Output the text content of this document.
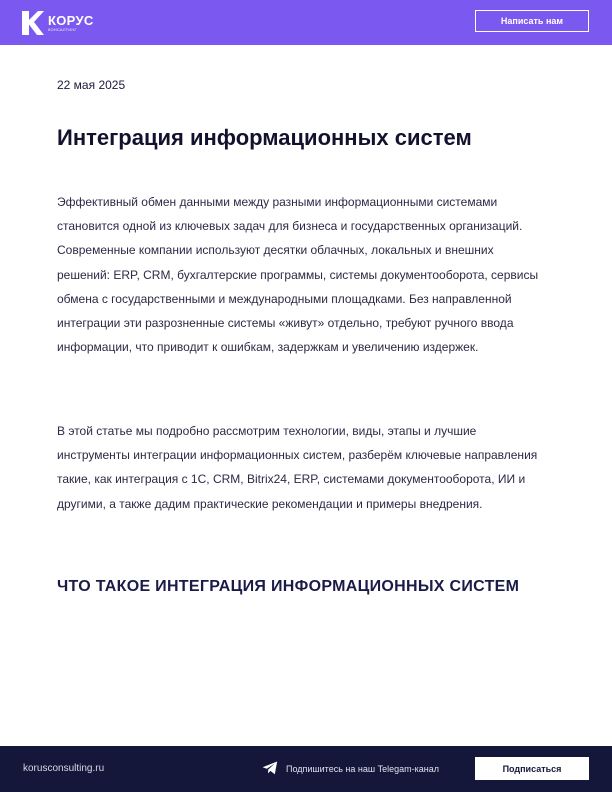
КОРУС
КОНСАЛТИНГ
Написать нам
22 мая 2025
Интеграция информационных систем

Эффективный обмен данными между разными информационными системами становится одной из ключевых задач для бизнеса и государственных организаций. Современные компании используют десятки облачных, локальных и внешних решений: ERP, CRM, бухгалтерские программы, системы документооборота, сервисы обмена с государственными и международными площадками. Без направленной интеграции эти разрозненные системы «живут» отдельно, требуют ручного ввода информации, что приводит к ошибкам, задержкам и увеличению издержек.

В этой статье мы подробно рассмотрим технологии, виды, этапы и лучшие инструменты интеграции информационных систем, разберём ключевые направления такие, как интеграция с 1С, CRM, Bitrix24, ERP, системами документооборота, ИИ и другими, а также дадим практические рекомендации и примеры внедрения.

ЧТО ТАКОЕ ИНТЕГРАЦИЯ ИНФОРМАЦИОННЫХ СИСТЕМ
korusconsulting.ru	Подпишитесь на наш Telegam-канал	Подписаться
